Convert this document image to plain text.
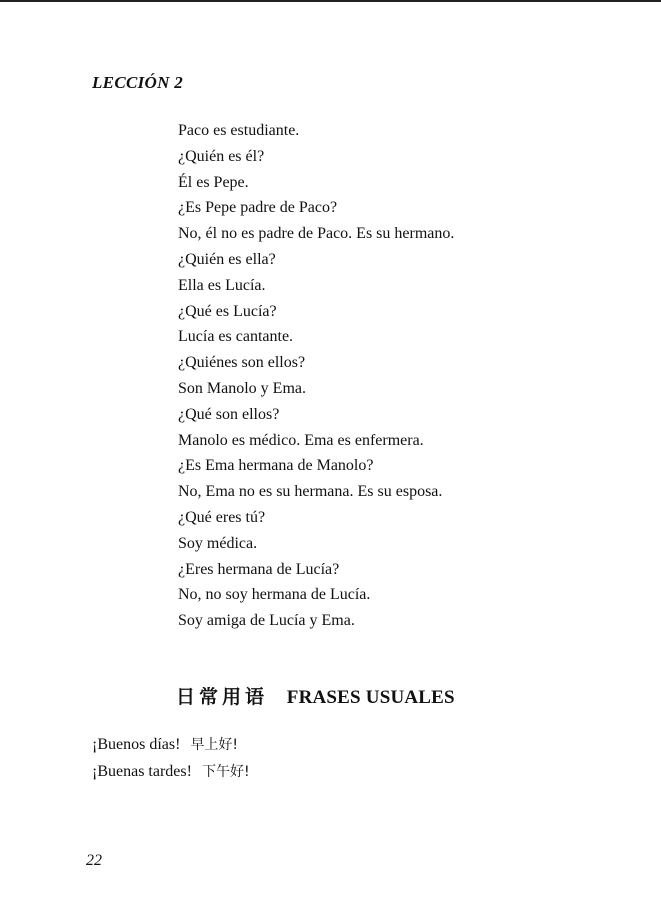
LECCIÓN 2
Paco es estudiante.
¿Quién es él?
Él es Pepe.
¿Es Pepe padre de Paco?
No, él no es padre de Paco. Es su hermano.
¿Quién es ella?
Ella es Lucía.
¿Qué es Lucía?
Lucía es cantante.
¿Quiénes son ellos?
Son Manolo y Ema.
¿Qué son ellos?
Manolo es médico. Ema es enfermera.
¿Es Ema hermana de Manolo?
No, Ema no es su hermana. Es su esposa.
¿Qué eres tú?
Soy médica.
¿Eres hermana de Lucía?
No, no soy hermana de Lucía.
Soy amiga de Lucía y Ema.
日常用语 FRASES USUALES
¡Buenos días! 早上好!
¡Buenas tardes! 下午好!
22
